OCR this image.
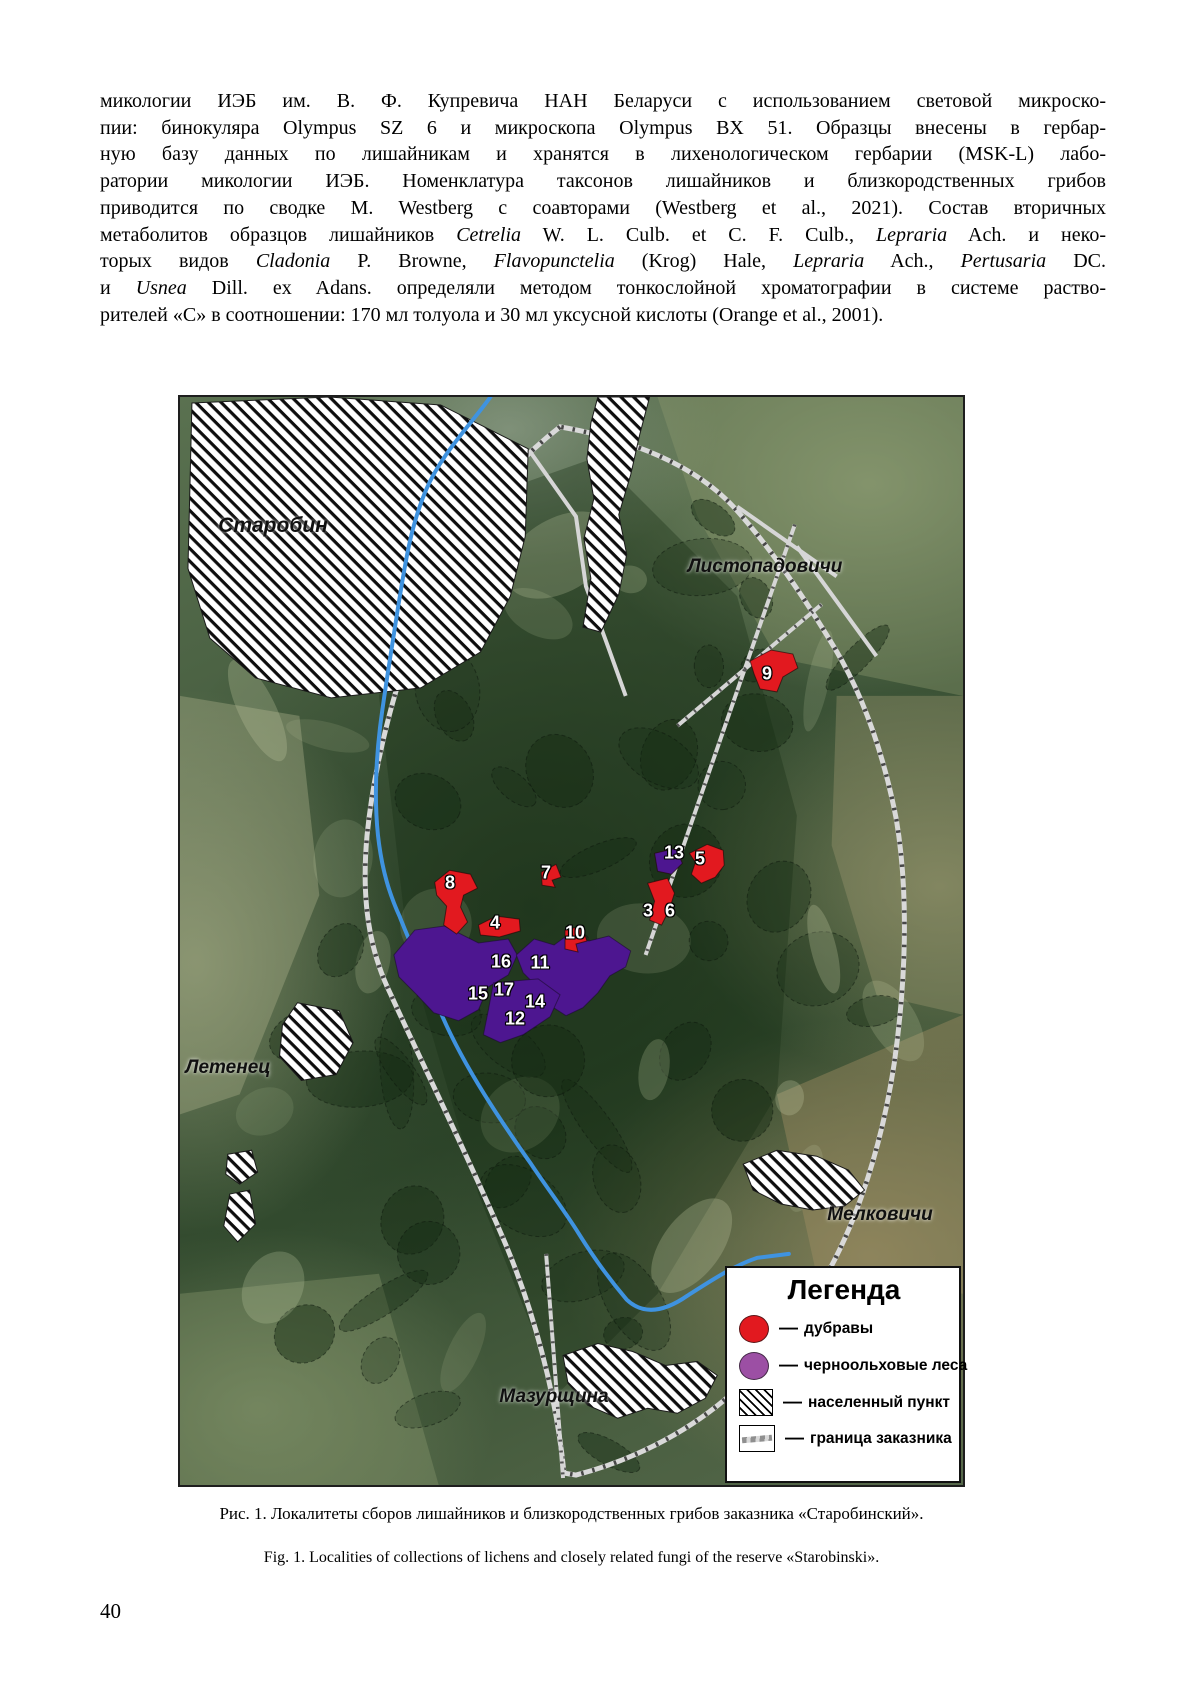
микологии ИЭБ им. В. Ф. Купревича НАН Беларуси с использованием световой микроско-
пии: бинокуляра Olympus SZ 6 и микроскопа Olympus BX 51. Образцы внесены в гербар-
ную базу данных по лишайникам и хранятся в лихенологическом гербарии (MSK-L) лабо-
ратории микологии ИЭБ. Номенклатура таксонов лишайников и близкородственных грибов
приводится по сводке M. Westberg с соавторами (Westberg et al., 2021). Состав вторичных
метаболитов образцов лишайников Cetrelia W. L. Culb. et C. F. Culb., Lepraria Ach. и неко-
торых видов Cladonia P. Browne, Flavopunctelia (Krog) Hale, Lepraria Ach., Pertusaria DC.
и Usnea Dill. ex Adans. определяли методом тонкослойной хроматографии в системе раство-
рителей «С» в соотношении: 170 мл толуола и 30 мл уксусной кислоты (Orange et al., 2001).
Старобин
Листопадовичи
Летенец
Мелковичи
Мазурщина
3
4
5
6
7
8
9
10
11
12
13
14
15
16
17
Легенда
— дубравы
— черноольховые леса
— населенный пункт
— граница заказника
Рис. 1. Локалитеты сборов лишайников и близкородственных грибов заказника «Старобинский».
Fig. 1. Localities of collections of lichens and closely related fungi of the reserve «Starobinski».
40
